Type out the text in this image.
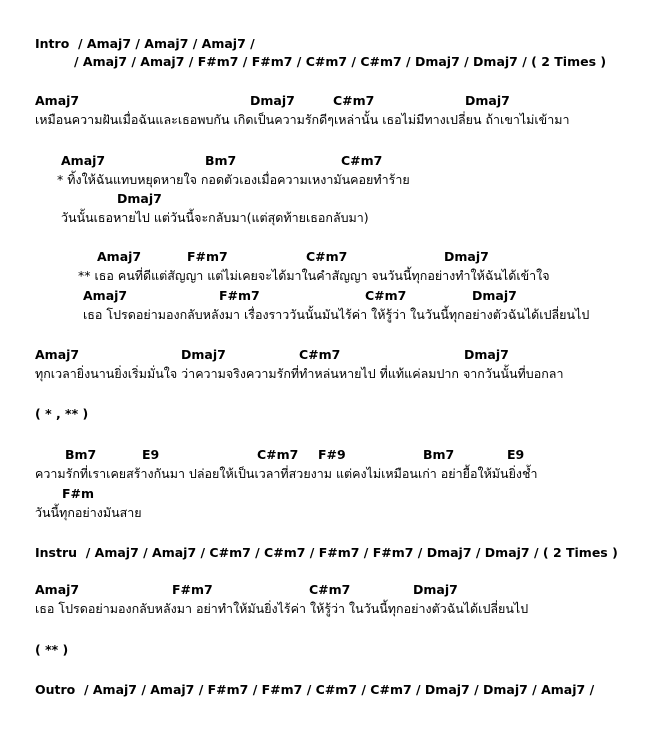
Intro  / Amaj7 / Amaj7 / Amaj7 /
/ Amaj7 / Amaj7 / F#m7 / F#m7 / C#m7 / C#m7 / Dmaj7 / Dmaj7 / ( 2 Times )
Amaj7	Dmaj7	C#m7	Dmaj7
เหมือนความฝันเมื่อฉันและเธอพบกัน เกิดเป็นความรักดีๆเหล่านั้น เธอไม่มีทางเปลี่ยน ถ้าเขาไม่เข้ามา
Amaj7	Bm7	C#m7
* ทิ้งให้ฉันแทบหยุดหายใจ กอดตัวเองเมื่อความเหงามันคอยทำร้าย
Dmaj7
วันนั้นเธอหายไป แต่วันนี้จะกลับมา(แต่สุดท้ายเธอกลับมา)
Amaj7	F#m7	C#m7	Dmaj7
** เธอ คนที่ดีแต่สัญญา แต่ไม่เคยจะได้มาในคำสัญญา จนวันนี้ทุกอย่างทำให้ฉันได้เข้าใจ
Amaj7	F#m7	C#m7	Dmaj7
เธอ โปรดอย่ามองกลับหลังมา เรื่องราววันนั้นมันไร้ค่า ให้รู้ว่า ในวันนี้ทุกอย่างตัวฉันได้เปลี่ยนไป
Amaj7	Dmaj7	C#m7	Dmaj7
ทุกเวลายิ่งนานยิ่งเริ่มมั่นใจ ว่าความจริงความรักที่ทำหล่นหายไป ที่แท้แค่ลมปาก จากวันนั้นที่บอกลา
( * , ** )
Bm7	E9	C#m7 F#9	Bm7	E9
ความรักที่เราเคยสร้างกันมา ปล่อยให้เป็นเวลาที่สวยงาม แต่คงไม่เหมือนเก่า อย่ายื้อให้มันยิ่งช้ำ
F#m
วันนี้ทุกอย่างมันสาย
Instru  / Amaj7 / Amaj7 / C#m7 / C#m7 / F#m7 / F#m7 / Dmaj7 / Dmaj7 / ( 2 Times )
Amaj7	F#m7	C#m7	Dmaj7
เธอ โปรดอย่ามองกลับหลังมา อย่าทำให้มันยิ่งไร้ค่า ให้รู้ว่า ในวันนี้ทุกอย่างตัวฉันได้เปลี่ยนไป
( ** )
Outro  / Amaj7 / Amaj7 / F#m7 / F#m7 / C#m7 / C#m7 / Dmaj7 / Dmaj7 / Amaj7 /
